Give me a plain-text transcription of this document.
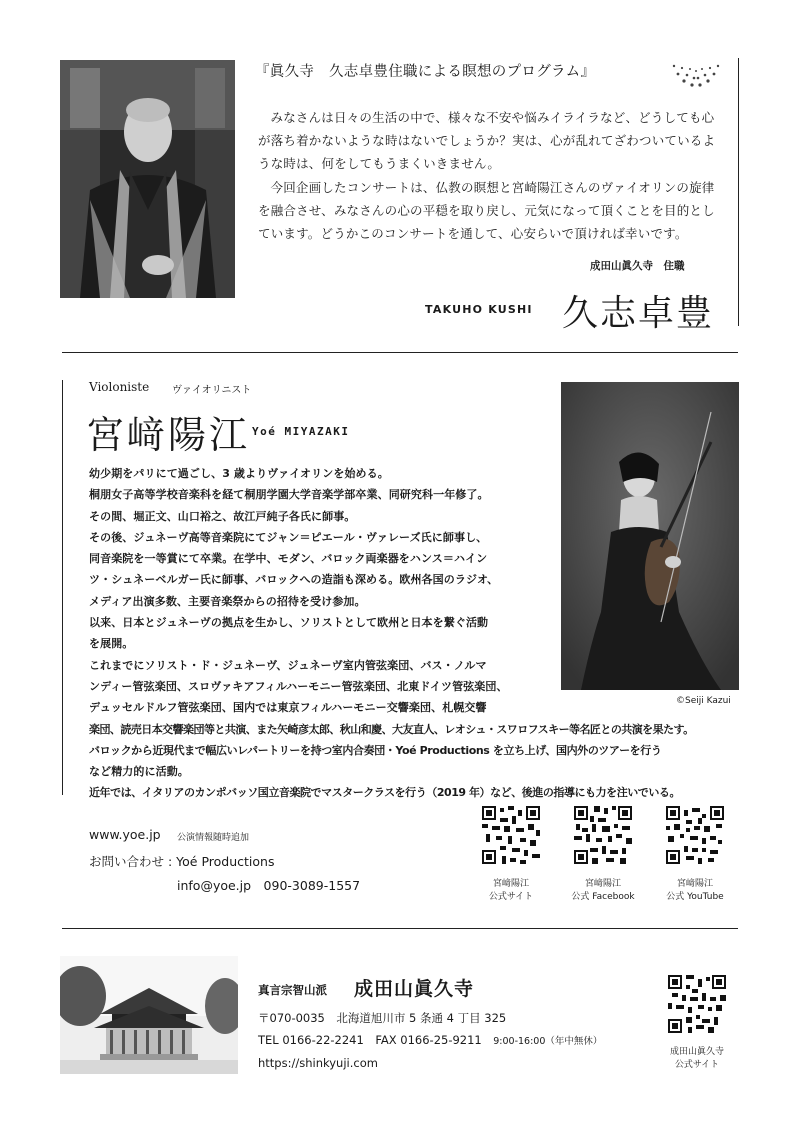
『眞久寺　久志卓豊住職による瞑想のプログラム』

みなさんは日々の生活の中で、様々な不安や悩みイライラなど、どうしても心が落ち着かないような時はないでしょうか？実は、心が乱れてざわついているような時は、何をしてもうまくいきません。

今回企画したコンサートは、仏教の瞑想と宮崎陽江さんのヴァイオリンの旋律を融合させ、みなさんの心の平穏を取り戻し、元気になって頂くことを目的としています。どうかこのコンサートを通して、心安らいで頂ければ幸いです。

成田山眞久寺　住職
TAKUHO KUSHI 久志卓豊
Violoniste ヴァイオリニスト
宮﨑陽江 Yoé MIYAZAKI
©Seiji Kazui
幼少期をパリにて過ごし、3 歳よりヴァイオリンを始める。
桐朋女子高等学校音楽科を経て桐朋学園大学音楽学部卒業、同研究科一年修了。
その間、堀正文、山口裕之、故江戸純子各氏に師事。
その後、ジュネーヴ高等音楽院にてジャン＝ピエール・ヴァレーズ氏に師事し、
同音楽院を一等賞にて卒業。在学中、モダン、バロック両楽器をハンス＝ハイン
ツ・シュネーベルガー氏に師事、バロックへの造詣も深める。欧州各国のラジオ、
メディア出演多数、主要音楽祭からの招待を受け参加。
以来、日本とジュネーヴの拠点を生かし、ソリストとして欧州と日本を繋ぐ活動
を展開。
これまでにソリスト・ド・ジュネーヴ、ジュネーヴ室内管弦楽団、バス・ノルマ
ンディー管弦楽団、スロヴァキアフィルハーモニー管弦楽団、北東ドイツ管弦楽団、
デュッセルドルフ管弦楽団、国内では東京フィルハーモニー交響楽団、札幌交響
楽団、読売日本交響楽団等と共演、また矢崎彦太郎、秋山和慶、大友直人、レオシュ・スワロフスキー等名匠との共演を果たす。
バロックから近現代まで幅広いレパートリーを持つ室内合奏団・Yoé Productions を立ち上げ、国内外のツアーを行う
など精力的に活動。
近年では、イタリアのカンポバッソ国立音楽院でマスタークラスを行う（2019 年）など、後進の指導にも力を注いでいる。
www.yoe.jp 公演情報随時追加
お問い合わせ : Yoé Productions
info@yoe.jp　090-3089-1557	宮﨑陽江
公式サイト
宮﨑陽江
公式 Facebook
宮﨑陽江
公式 YouTube
真言宗智山派 成田山眞久寺
〒070-0035　北海道旭川市 5 条通 4 丁目 325
TEL 0166-22-2241　FAX 0166-25-9211　 9:00-16:00（年中無休）
https://shinkyuji.com
成田山眞久寺
公式サイト
